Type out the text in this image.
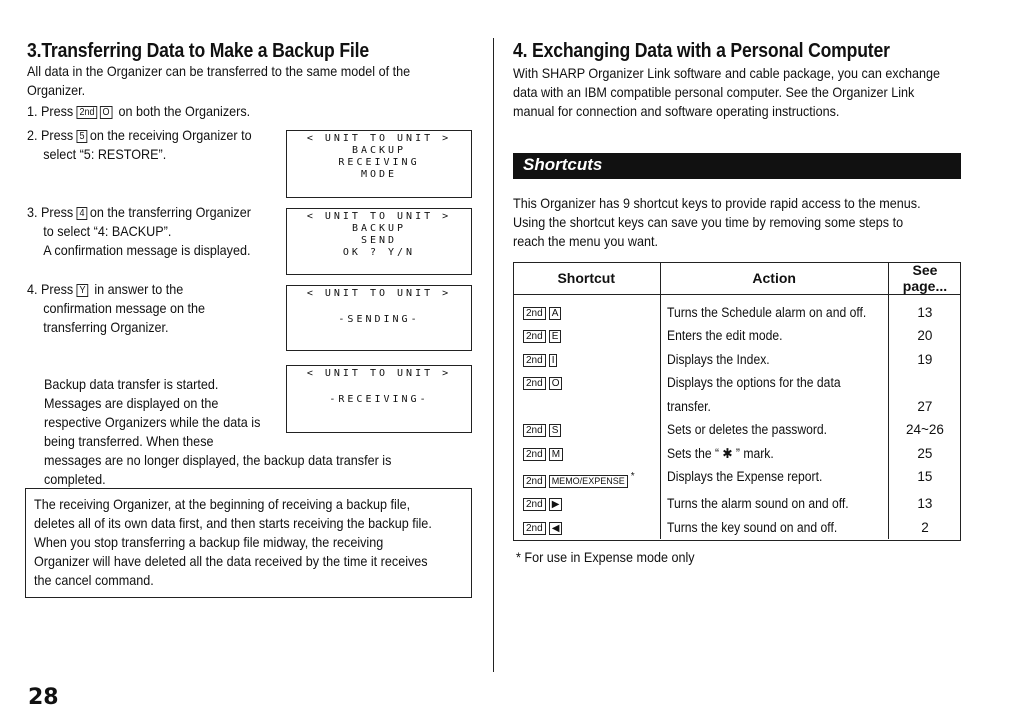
3.Transferring Data to Make a Backup File
All data in the Organizer can be transferred to the same model of the Organizer.
1. Press 2nd O on both the Organizers.
2. Press 5 on the receiving Organizer to
select “5: RESTORE”.
3. Press 4 on the transferring Organizer
to select “4: BACKUP”.
A confirmation message is displayed.
4. Press Y in answer to the
confirmation message on the
transferring Organizer.
Backup data transfer is started.
Messages are displayed on the
respective Organizers while the data is
being transferred. When these
messages are no longer displayed, the backup data transfer is
completed.
< UNIT TO UNIT >
BACKUP
RECEIVING
MODE
< UNIT TO UNIT >
BACKUP
SEND
OK ? Y/N
< UNIT TO UNIT >
-SENDING-
< UNIT TO UNIT >
-RECEIVING-

The receiving Organizer, at the beginning of receiving a backup file,

deletes all of its own data first, and then starts receiving the backup file.

When you stop transferring a backup file midway, the receiving

Organizer will have deleted all the data received by the time it receives

the cancel command.

4. Exchanging Data with a Personal Computer
With SHARP Organizer Link software and cable package, you can exchange
data with an IBM compatible personal computer. See the Organizer Link
manual for connection and software operating instructions.
Shortcuts
This Organizer has 9 shortcut keys to provide rapid access to the menus.
Using the shortcut keys can save you time by removing some steps to
reach the menu you want.
Shortcut	Action	See page...

2nd A	Turns the Schedule alarm on and off.	13
2nd E	Enters the edit mode.	20
2nd I	Displays the Index.	19
2nd O	Displays the options for the data
transfer.	27
2nd S	Sets or deletes the password.	24~26
2nd M	Sets the “ ✱ ” mark.	25
2nd MEMO/EXPENSE *	Displays the Expense report.	15
2nd ▶	Turns the alarm sound on and off.	13
2nd ◀	Turns the key sound on and off.	2
* For use in Expense mode only
28
